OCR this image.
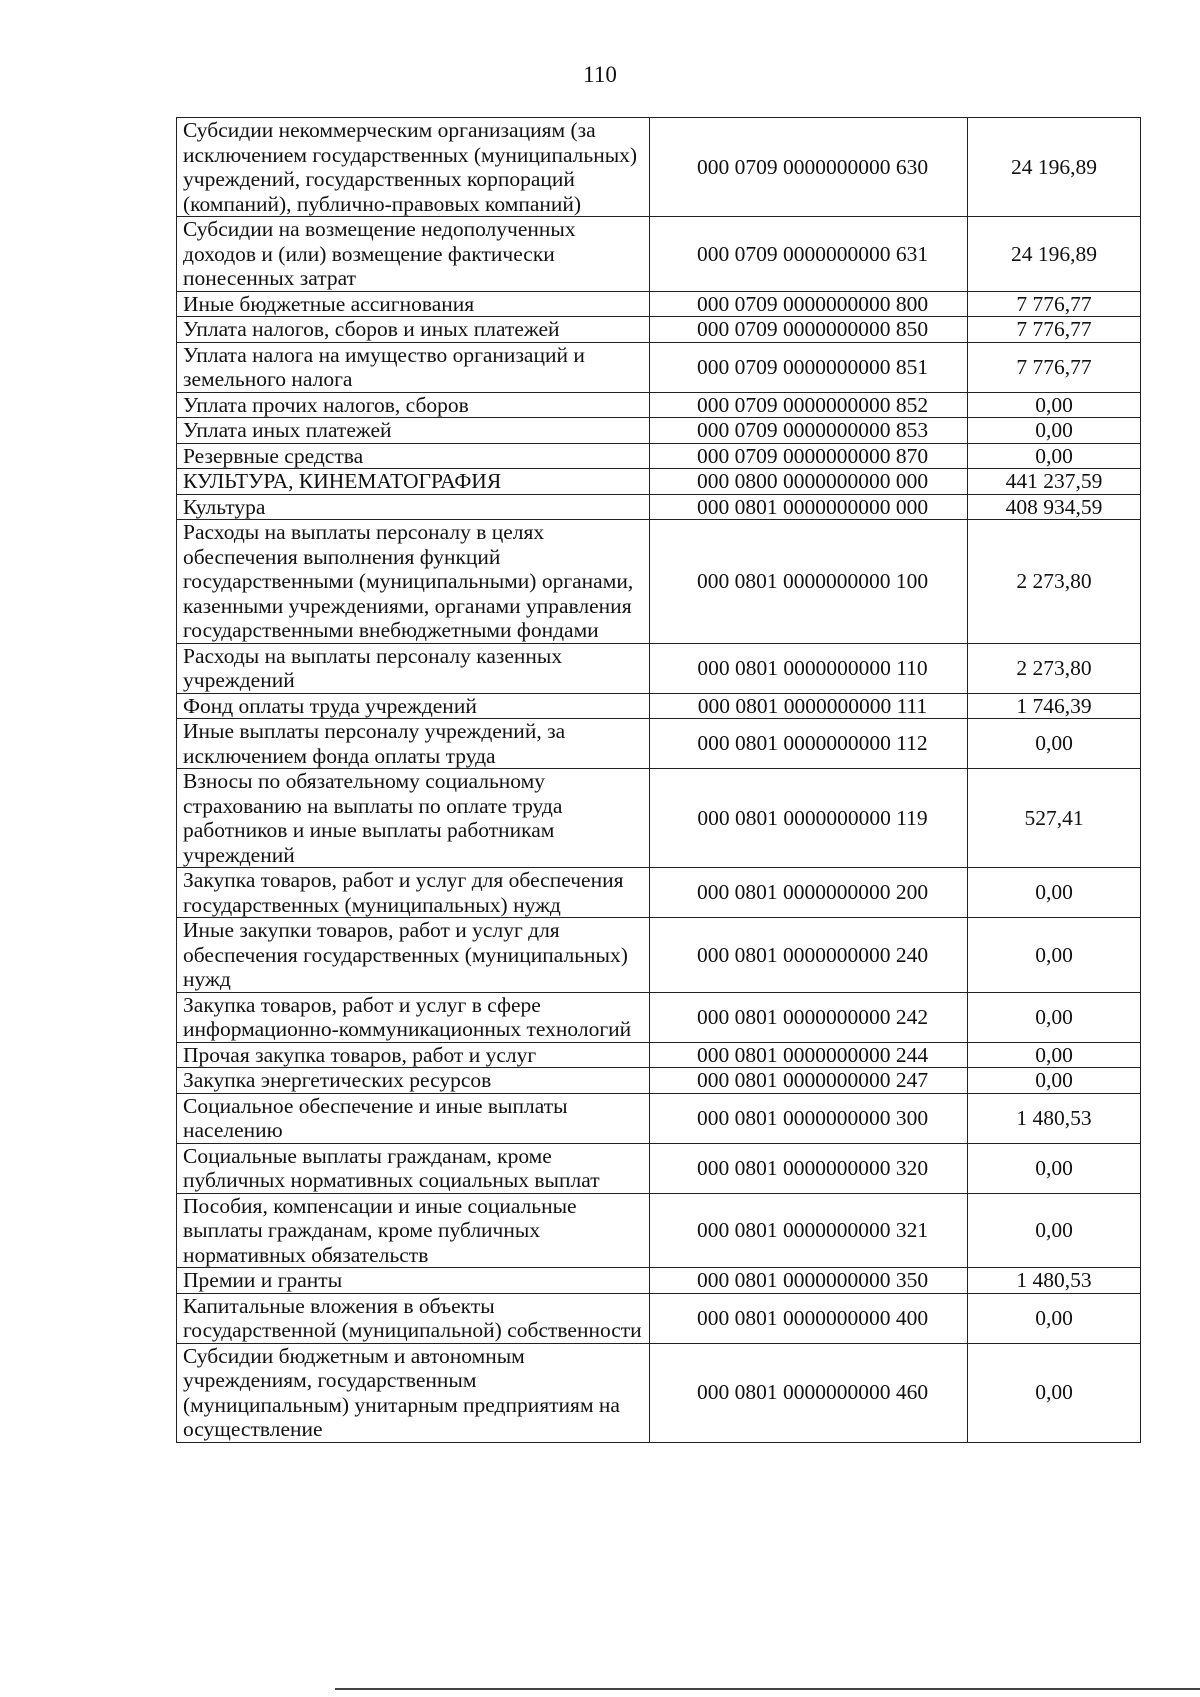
110
Субсидии некоммерческим организациям (за исключением государственных (муниципальных) учреждений, государственных корпораций (компаний), публично-правовых компаний)	000 0709 0000000000 630	24 196,89
Субсидии на возмещение недополученных доходов и (или) возмещение фактически понесенных затрат	000 0709 0000000000 631	24 196,89
Иные бюджетные ассигнования	000 0709 0000000000 800	7 776,77
Уплата налогов, сборов и иных платежей	000 0709 0000000000 850	7 776,77
Уплата налога на имущество организаций и земельного налога	000 0709 0000000000 851	7 776,77
Уплата прочих налогов, сборов	000 0709 0000000000 852	0,00
Уплата иных платежей	000 0709 0000000000 853	0,00
Резервные средства	000 0709 0000000000 870	0,00
КУЛЬТУРА, КИНЕМАТОГРАФИЯ	000 0800 0000000000 000	441 237,59
Культура	000 0801 0000000000 000	408 934,59
Расходы на выплаты персоналу в целях обеспечения выполнения функций государственными (муниципальными) органами, казенными учреждениями, органами управления государственными внебюджетными фондами	000 0801 0000000000 100	2 273,80
Расходы на выплаты персоналу казенных учреждений	000 0801 0000000000 110	2 273,80
Фонд оплаты труда учреждений	000 0801 0000000000 111	1 746,39
Иные выплаты персоналу учреждений, за исключением фонда оплаты труда	000 0801 0000000000 112	0,00
Взносы по обязательному социальному страхованию на выплаты по оплате труда работников и иные выплаты работникам учреждений	000 0801 0000000000 119	527,41
Закупка товаров, работ и услуг для обеспечения государственных (муниципальных) нужд	000 0801 0000000000 200	0,00
Иные закупки товаров, работ и услуг для обеспечения государственных (муниципальных) нужд	000 0801 0000000000 240	0,00
Закупка товаров, работ и услуг в сфере информационно-коммуникационных технологий	000 0801 0000000000 242	0,00
Прочая закупка товаров, работ и услуг	000 0801 0000000000 244	0,00
Закупка энергетических ресурсов	000 0801 0000000000 247	0,00
Социальное обеспечение и иные выплаты населению	000 0801 0000000000 300	1 480,53
Социальные выплаты гражданам, кроме публичных нормативных социальных выплат	000 0801 0000000000 320	0,00
Пособия, компенсации и иные социальные выплаты гражданам, кроме публичных нормативных обязательств	000 0801 0000000000 321	0,00
Премии и гранты	000 0801 0000000000 350	1 480,53
Капитальные вложения в объекты государственной (муниципальной) собственности	000 0801 0000000000 400	0,00
Субсидии бюджетным и автономным учреждениям, государственным (муниципальным) унитарным предприятиям на осуществление	000 0801 0000000000 460	0,00
